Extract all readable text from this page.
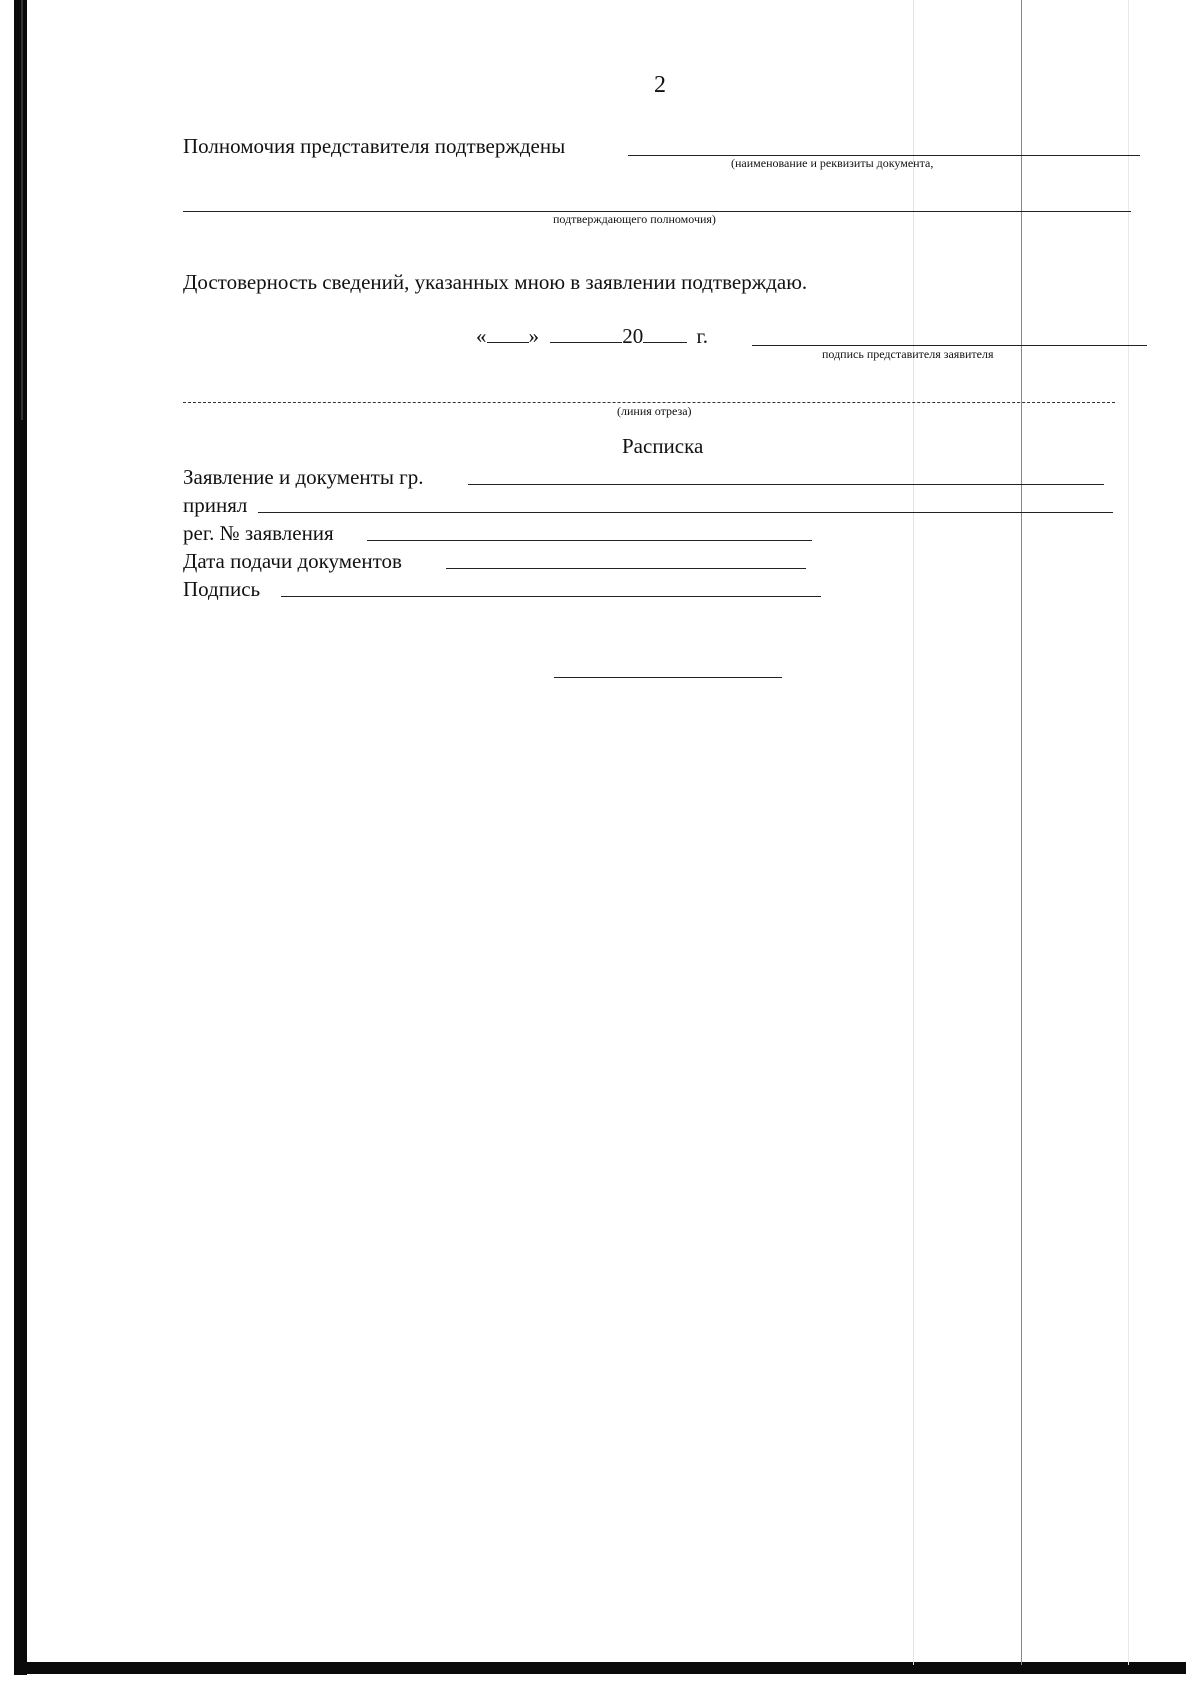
2
Полномочия представителя подтверждены
(наименование и реквизиты документа,
подтверждающего полномочия)
Достоверность сведений, указанных мною в заявлении подтверждаю.
« »	20	г.
подпись представителя заявителя
(линия отреза)
Расписка
Заявление и документы гр.
принял
рег. № заявления
Дата подачи документов
Подпись
